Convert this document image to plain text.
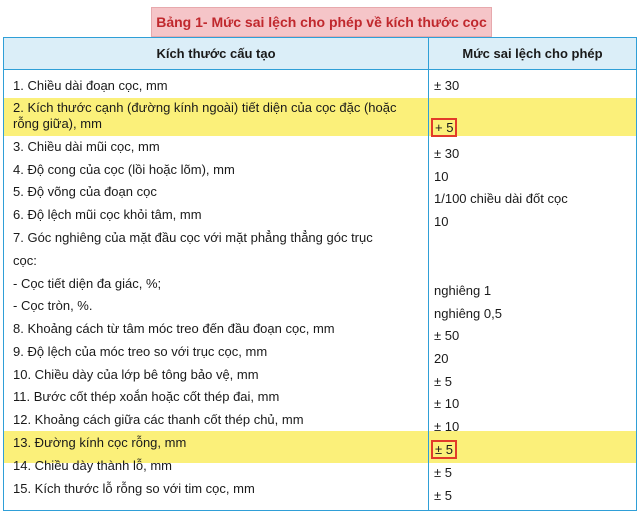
Bảng 1- Mức sai lệch cho phép về kích thước cọc
Kích thước cấu tạo	Mức sai lệch cho phép
1. Chiều dài đoạn cọc, mm
2. Kích thước cạnh (đường kính ngoài) tiết diện của cọc đặc (hoặc rỗng giữa), mm
3. Chiều dài mũi cọc, mm
4. Độ cong của cọc (lồi hoặc lõm), mm
5. Độ võng của đoạn cọc
6. Độ lệch mũi cọc khỏi tâm, mm
7. Góc nghiêng của mặt đầu cọc với mặt phẳng thẳng góc trục
cọc:
- Cọc tiết diện đa giác, %;
- Cọc tròn, %.
8. Khoảng cách từ tâm móc treo đến đầu đoạn cọc, mm
9. Độ lệch của móc treo so với trục cọc, mm
10. Chiều dày của lớp bê tông bảo vệ, mm
11. Bước cốt thép xoắn hoặc cốt thép đai, mm
12. Khoảng cách giữa các thanh cốt thép chủ, mm
13. Đường kính cọc rỗng, mm
14. Chiều dày thành lỗ, mm
15. Kích thước lỗ rỗng so với tim cọc, mm
± 30
+ 5
± 30
10
1/100 chiều dài đốt cọc
10
nghiêng 1
nghiêng 0,5
± 50
20
± 5
± 10
± 10
± 5
± 5
± 5
